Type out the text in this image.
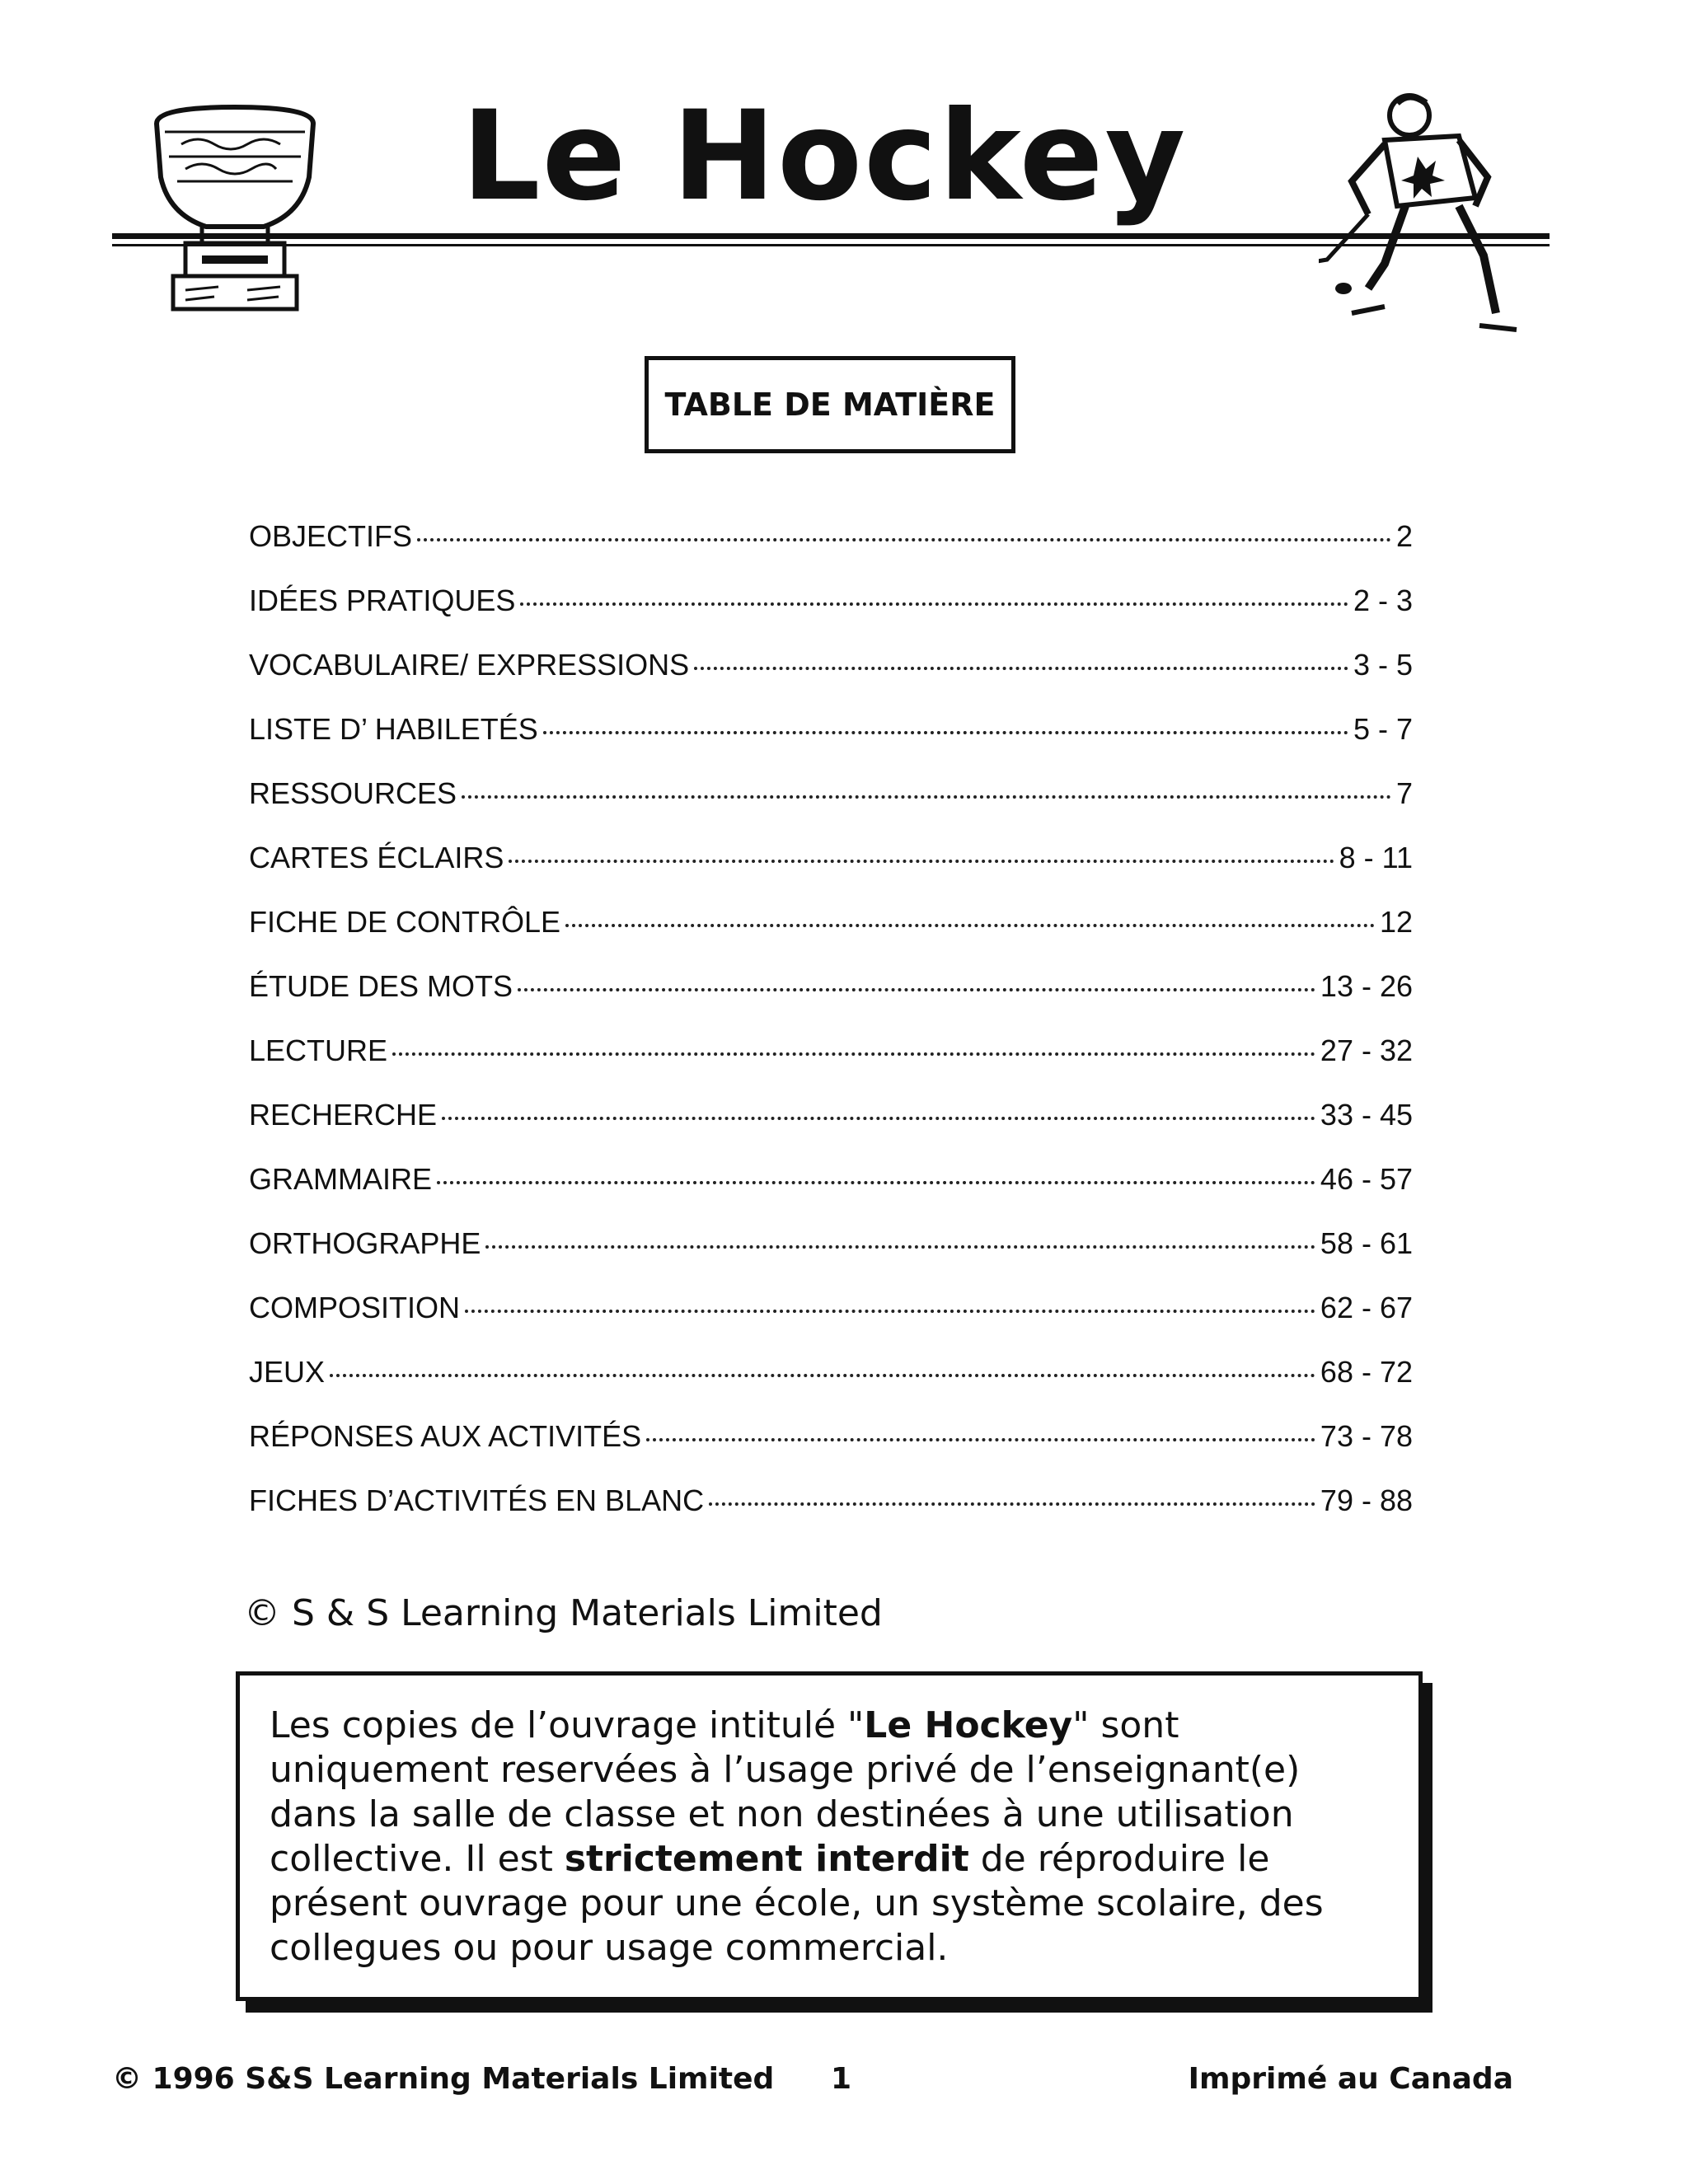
Le Hockey
TABLE DE MATIÈRE
OBJECTIFS	2
IDÉES PRATIQUES	2 - 3
VOCABULAIRE/ EXPRESSIONS	3 - 5
LISTE D’ HABILETÉS	5 - 7
RESSOURCES	7
CARTES ÉCLAIRS	8 - 11
FICHE DE CONTRÔLE	12
ÉTUDE DES MOTS	13 - 26
LECTURE	27 - 32
RECHERCHE	33 - 45
GRAMMAIRE	46 - 57
ORTHOGRAPHE	58 - 61
COMPOSITION	62 - 67
JEUX	68 - 72
RÉPONSES AUX ACTIVITÉS	73 - 78
FICHES D’ACTIVITÉS EN BLANC	79 - 88
© S & S Learning Materials Limited
Les copies de l’ouvrage intitulé "Le Hockey" sont uniquement reservées à l’usage privé de l’enseignant(e) dans la salle de classe et non destinées à une utilisation collective. Il est strictement interdit de réproduire le présent ouvrage pour une école, un système scolaire, des collegues ou pour usage commercial.
© 1996 S&S Learning Materials Limited 1	Imprimé au Canada
